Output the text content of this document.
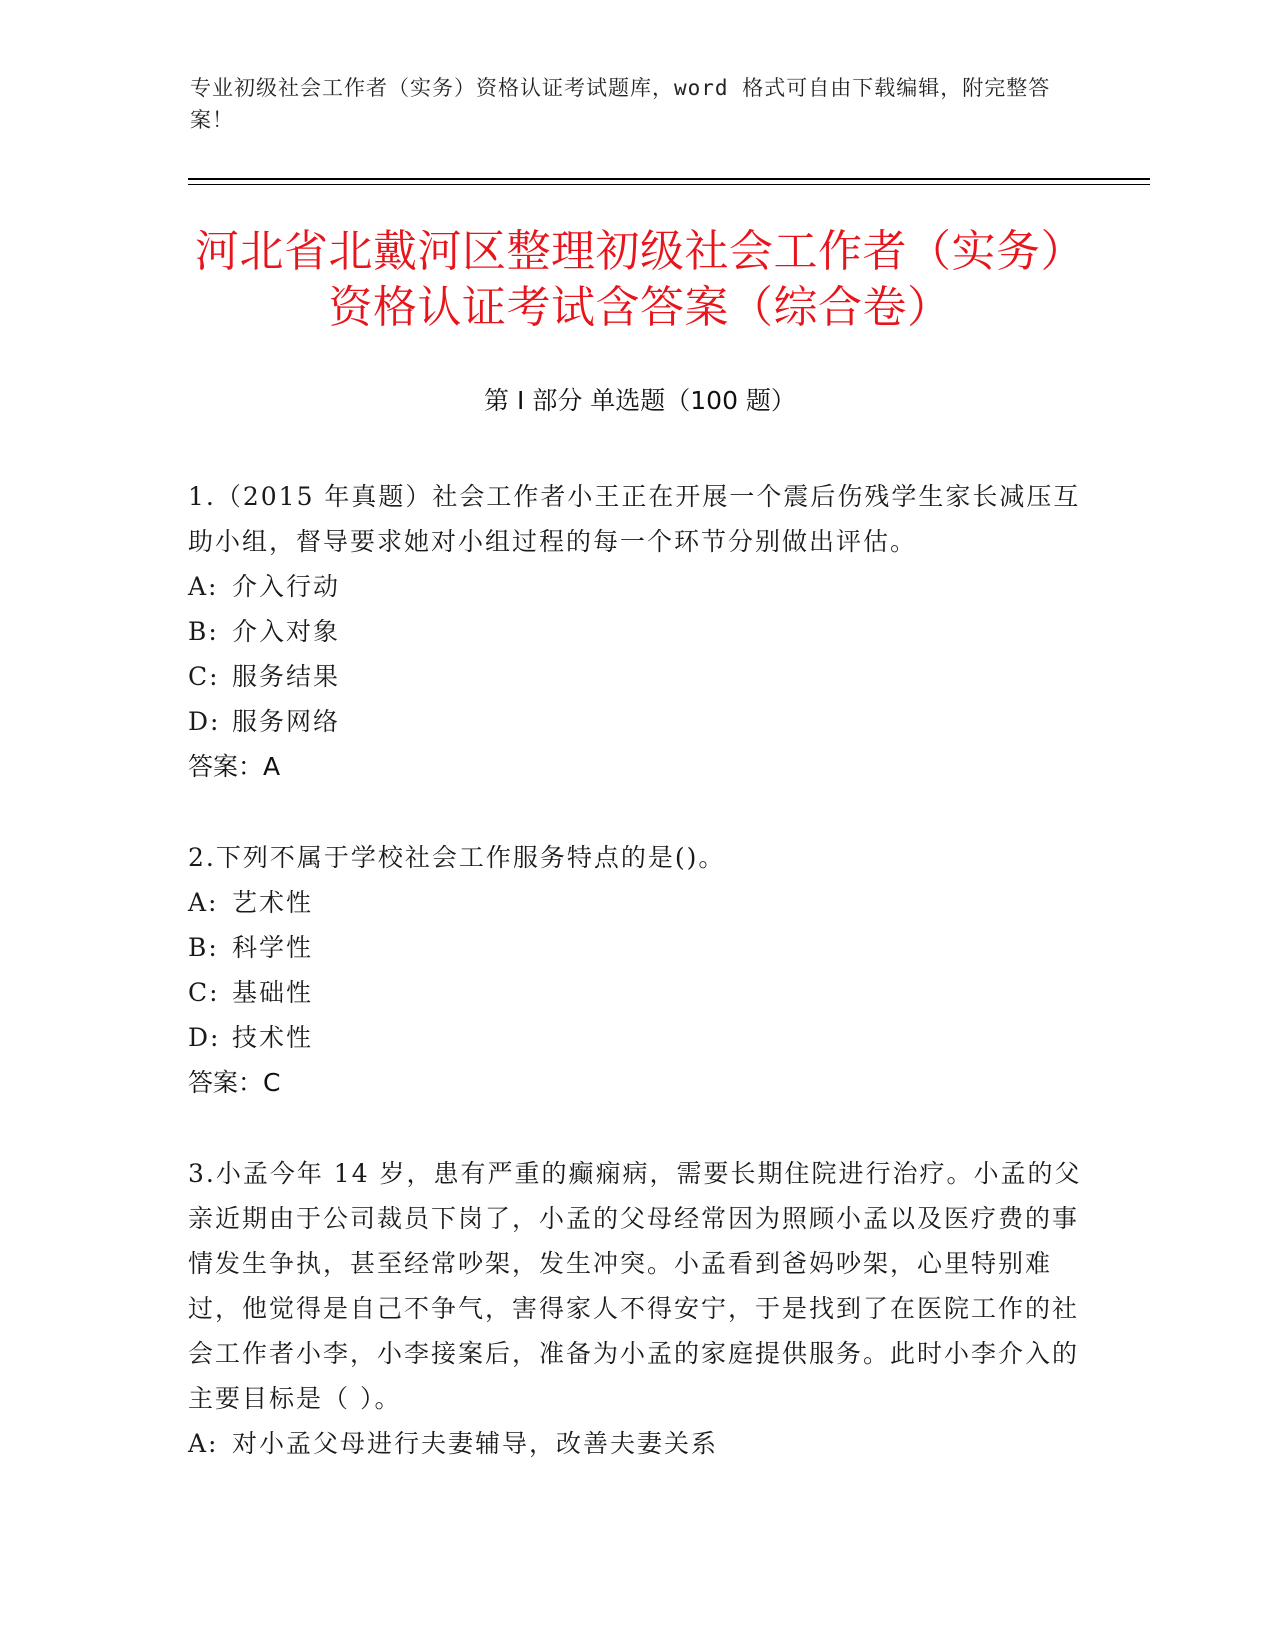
专业初级社会工作者（实务）资格认证考试题库，word 格式可自由下载编辑，附完整答案！
河北省北戴河区整理初级社会工作者（实务）资格认证考试含答案（综合卷）
第 I 部分 单选题（100 题）
1.（2015 年真题）社会工作者小王正在开展一个震后伤残学生家长减压互助小组，督导要求她对小组过程的每一个环节分别做出评估。
A: 介入行动
B: 介入对象
C: 服务结果
D: 服务网络
答案：A
2.下列不属于学校社会工作服务特点的是()。
A: 艺术性
B: 科学性
C: 基础性
D: 技术性
答案：C
3.小孟今年 14 岁，患有严重的癫痫病，需要长期住院进行治疗。小孟的父亲近期由于公司裁员下岗了，小孟的父母经常因为照顾小孟以及医疗费的事情发生争执，甚至经常吵架，发生冲突。小孟看到爸妈吵架，心里特别难过，他觉得是自己不争气，害得家人不得安宁，于是找到了在医院工作的社会工作者小李，小李接案后，准备为小孟的家庭提供服务。此时小李介入的主要目标是（ ）。
A: 对小孟父母进行夫妻辅导，改善夫妻关系
